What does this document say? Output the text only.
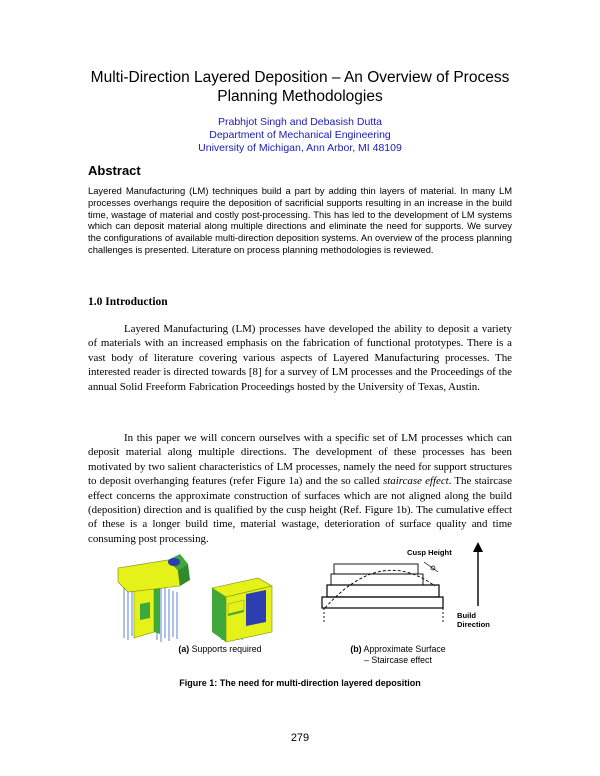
Multi-Direction Layered Deposition – An Overview of Process
Planning Methodologies
Prabhjot Singh and Debasish Dutta
Department of Mechanical Engineering
University of Michigan, Ann Arbor, MI 48109
Abstract
Layered Manufacturing (LM) techniques build a part by adding thin layers of material. In many LM processes overhangs require the deposition of sacrificial supports resulting in an increase in the build time, wastage of material and costly post-processing. This has led to the development of LM systems which can deposit material along multiple directions and eliminate the need for supports. We survey the configurations of available multi-direction deposition systems. An overview of the process planning challenges is presented. Literature on process planning methodologies is reviewed.
1.0 Introduction

Layered Manufacturing (LM) processes have developed the ability to deposit a variety of materials with an increased emphasis on the fabrication of functional prototypes. There is a vast body of literature covering various aspects of Layered Manufacturing processes. The interested reader is directed towards [8] for a survey of LM processes and the Proceedings of the annual Solid Freeform Fabrication Proceedings hosted by the University of Texas, Austin.

In this paper we will concern ourselves with a specific set of LM processes which can deposit material along multiple directions. The development of these processes has been motivated by two salient characteristics of LM processes, namely the need for support structures to deposit overhanging features (refer Figure 1a) and the so called staircase effect. The staircase effect concerns the approximate construction of surfaces which are not aligned along the build (deposition) direction and is qualified by the cusp height (Ref. Figure 1b). The cumulative effect of these is a longer build time, material wastage, deterioration of surface quality and time consuming post processing.

Cusp Height
Build
Direction
(a) Supports required	(b) Approximate Surface
– Staircase effect
Figure 1: The need for multi-direction layered deposition
279
